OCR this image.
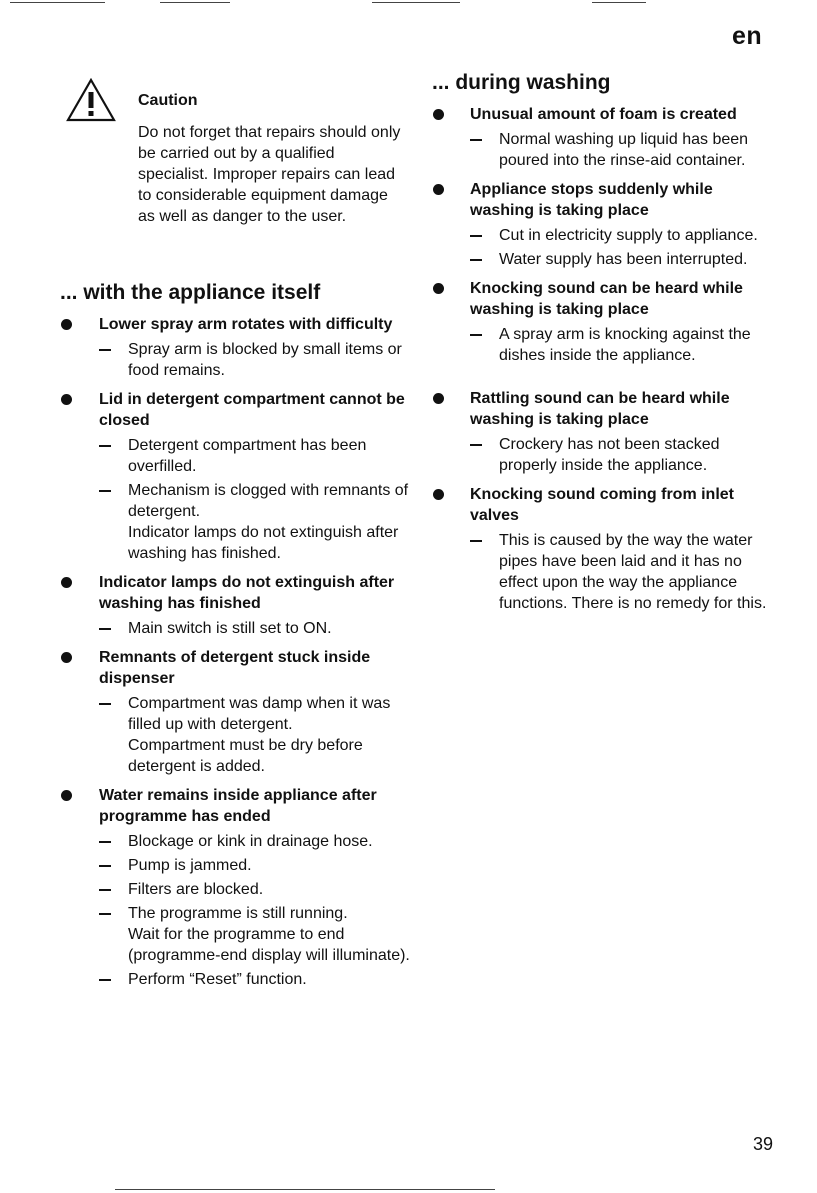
en
Caution
Do not forget that repairs should only be carried out by a qualified specialist. Improper repairs can lead to considerable equipment damage as well as danger to the user.
... with the appliance itself
Lower spray arm rotates with difficulty
Spray arm is blocked by small items or food remains.
Lid in detergent compartment cannot be closed
Detergent compartment has been overfilled.
Mechanism is clogged with remnants of detergent.
Indicator lamps do not extinguish after washing has finished.
Indicator lamps do not extinguish after washing has finished
Main switch is still set to ON.
Remnants of detergent stuck inside dispenser
Compartment was damp when it was filled up with detergent.
Compartment must be dry before detergent is added.
Water remains inside appliance after programme has ended
Blockage or kink in drainage hose.
Pump is jammed.
Filters are blocked.
The programme is still running.
Wait for the programme to end (programme-end display will illuminate).
Perform “Reset” function.
... during washing
Unusual amount of foam is created
Normal washing up liquid has been poured into the rinse-aid container.
Appliance stops suddenly while washing is taking place
Cut in electricity supply to appliance.
Water supply has been interrupted.
Knocking sound can be heard while washing is taking place
A spray arm is knocking against the dishes inside the appliance.
Rattling sound can be heard while washing is taking place
Crockery has not been stacked properly inside the appliance.
Knocking sound coming from inlet valves
This is caused by the way the water pipes have been laid and it has no effect upon the way the appliance functions. There is no remedy for this.
39
